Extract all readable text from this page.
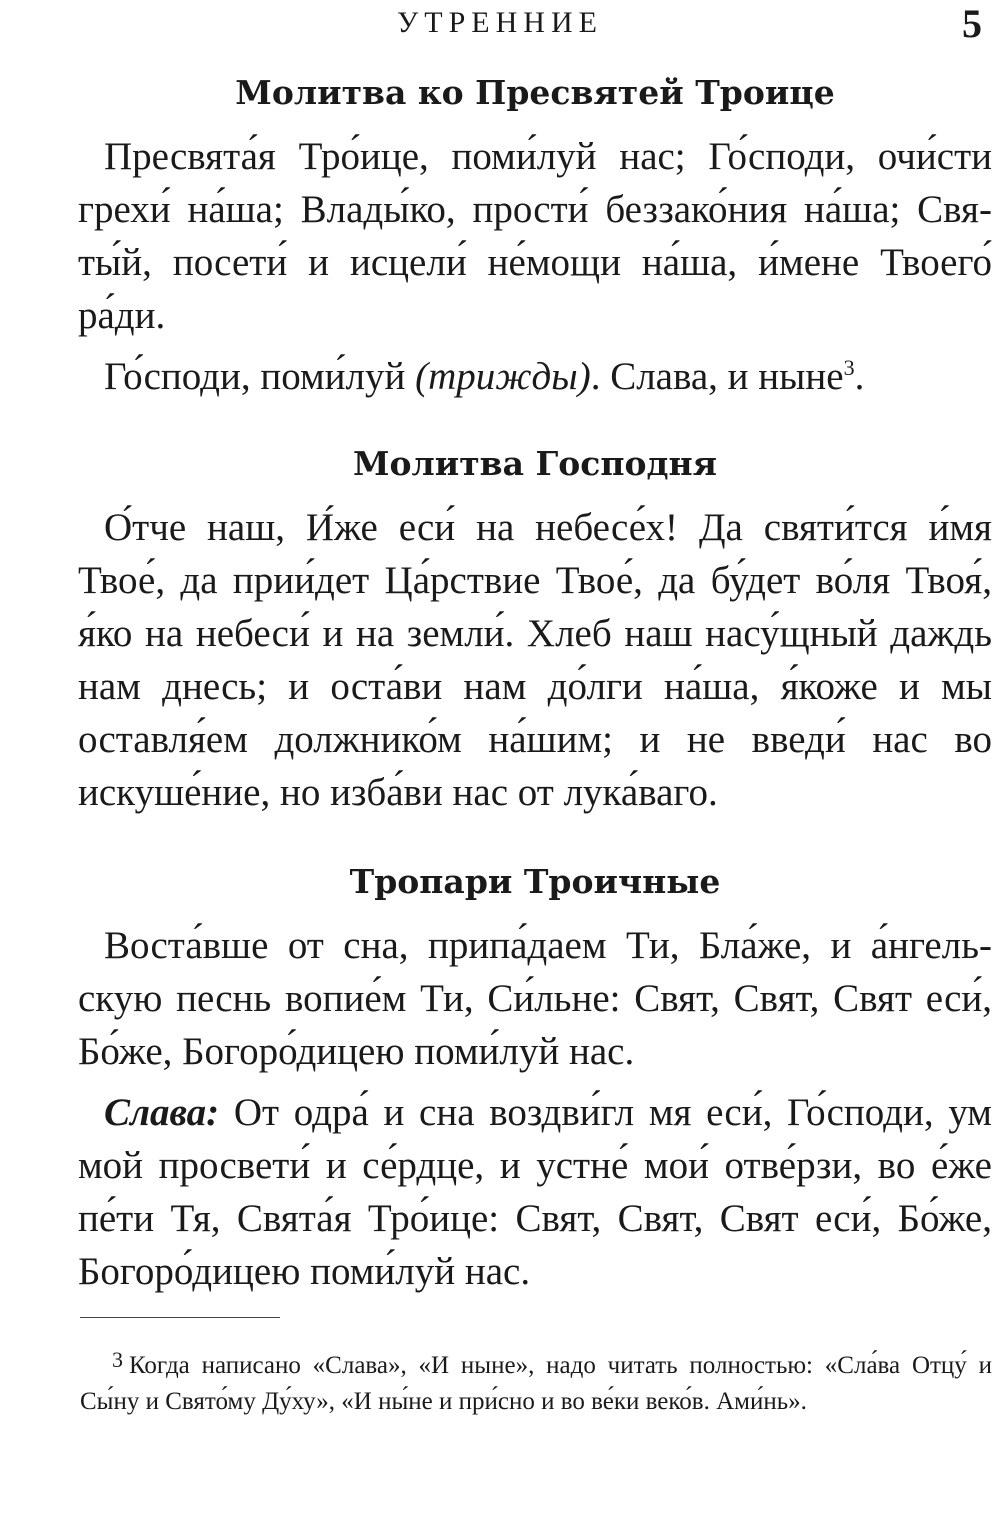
УТРЕННИЕ	5
Молитва ко Пресвятей Троице

Пресвята́я Тро́ице, поми́луй нас; Го́споди, очи́сти грехи́ на́ша; Влады́ко, прости́ беззако́ния на́ша; Святы́й, посети́ и исцели́ не́мощи на́ша, и́мене Твоего́ ра́ди.

Го́споди, поми́луй (трижды). Слава, и ныне$^3$.

Молитва Господня

О́тче наш, И́же еси́ на небесе́х! Да святи́тся и́мя Твое́, да прии́дет Ца́рствие Твое́, да бу́дет во́ля Твоя́, я́ко на небеси́ и на земли́. Хлеб наш насу́щный даждь нам днесь; и оста́ви нам до́лги на́ша, я́коже и мы оставля́ем должнико́м на́шим; и не введи́ нас во искуше́ние, но изба́ви нас от лука́ваго.

Тропари Троичные

Воста́вше от сна, припа́даем Ти, Бла́же, и а́нгельскую песнь вопие́м Ти, Си́льне: Свят, Свят, Свят еси́, Бо́же, Богоро́дицею поми́луй нас.

Слава: От одра́ и сна воздви́гл мя еси́, Го́споди, ум мой просвети́ и се́рдце, и устне́ мои́ отве́рзи, во е́же пе́ти Тя, Свята́я Тро́ице: Свят, Свят, Свят еси́, Бо́же, Богоро́дицею поми́луй нас.

3 Когда написано «Слава», «И ныне», надо читать полностью: «Сла́ва Отцу́ и Сы́ну и Свято́му Ду́ху», «И ны́не и при́сно и во ве́ки веко́в. Ами́нь».
